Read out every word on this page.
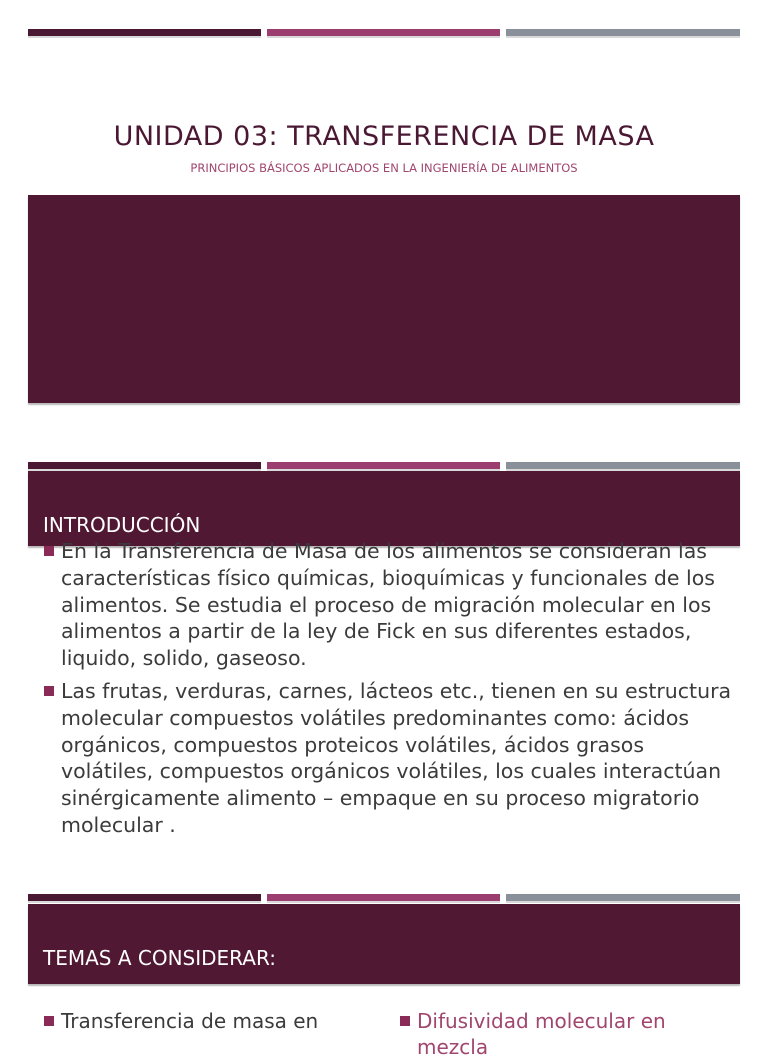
UNIDAD 03: TRANSFERENCIA DE MASA
PRINCIPIOS BÁSICOS APLICADOS EN LA INGENIERÍA DE ALIMENTOS
INTRODUCCIÓN
En la Transferencia de Masa de los alimentos se consideran las características físico químicas, bioquímicas y funcionales de los alimentos. Se estudia el proceso de migración molecular en los alimentos a partir de la ley de Fick en sus diferentes estados, liquido, solido, gaseoso.
Las frutas, verduras, carnes, lácteos etc., tienen en su estructura molecular compuestos volátiles predominantes como: ácidos orgánicos, compuestos proteicos volátiles, ácidos grasos volátiles, compuestos orgánicos volátiles, los cuales interactúan sinérgicamente alimento – empaque en su proceso migratorio molecular .
TEMAS A CONSIDERAR:
Transferencia de masa en	Difusividad molecular en mezcla
